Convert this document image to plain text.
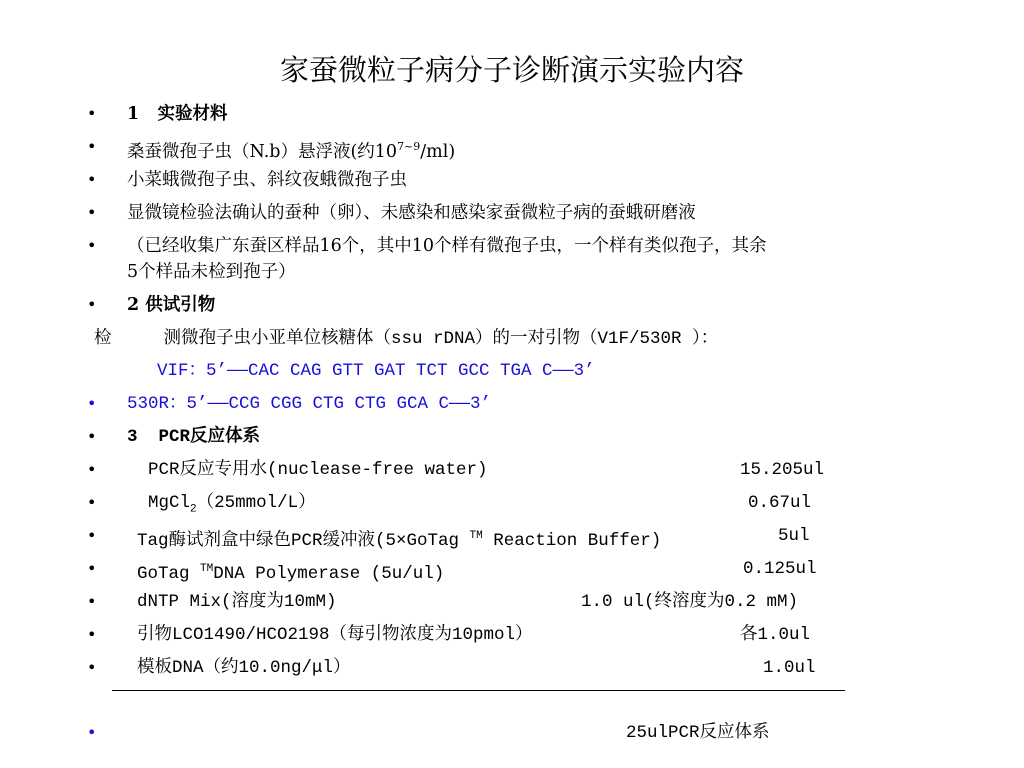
家蚕微粒子病分子诊断演示实验内容
• 1 实验材料
• 桑蚕微孢子虫（N.b）悬浮液(约$10^{7\sim 9}/ml$)
• 小菜蛾微孢子虫、斜纹夜蛾微孢子虫
• 显微镜检验法确认的蚕种（卵）、未感染和感染家蚕微粒子病的蚕蛾研磨液
• （已经收集广东蚕区样品16个，其中10个样有微孢子虫，一个样有类似孢子，其余
5个样品未检到孢子）
• 2 供试引物
检	测微孢子虫小亚单位核糖体（ssu rDNA）的一对引物（V1F/530R ）：
VIF：5’——CAC CAG GTT GAT TCT GCC TGA C——3’
• 530R：5’——CCG CGG CTG CTG GCA C——3’
• 3 PCR反应体系
•	PCR反应专用水(nuclease-free water)	15.205ul
•	MgCl$_2$（25mmol/L）	0.67ul
• Tag酶试剂盒中绿色PCR缓冲液(5×GoTag ™ Reaction Buffer)	5ul
• GoTag ™DNA Polymerase (5u/ul)	0.125ul
• dNTP Mix(溶度为10mM)	1.0 ul(终溶度为0.2 mM)
• 引物LCO1490/HCO2198（每引物浓度为10pmol）	各1.0ul
• 模板DNA（约10.0ng/μl）	1.0ul
•	25ulPCR反应体系
